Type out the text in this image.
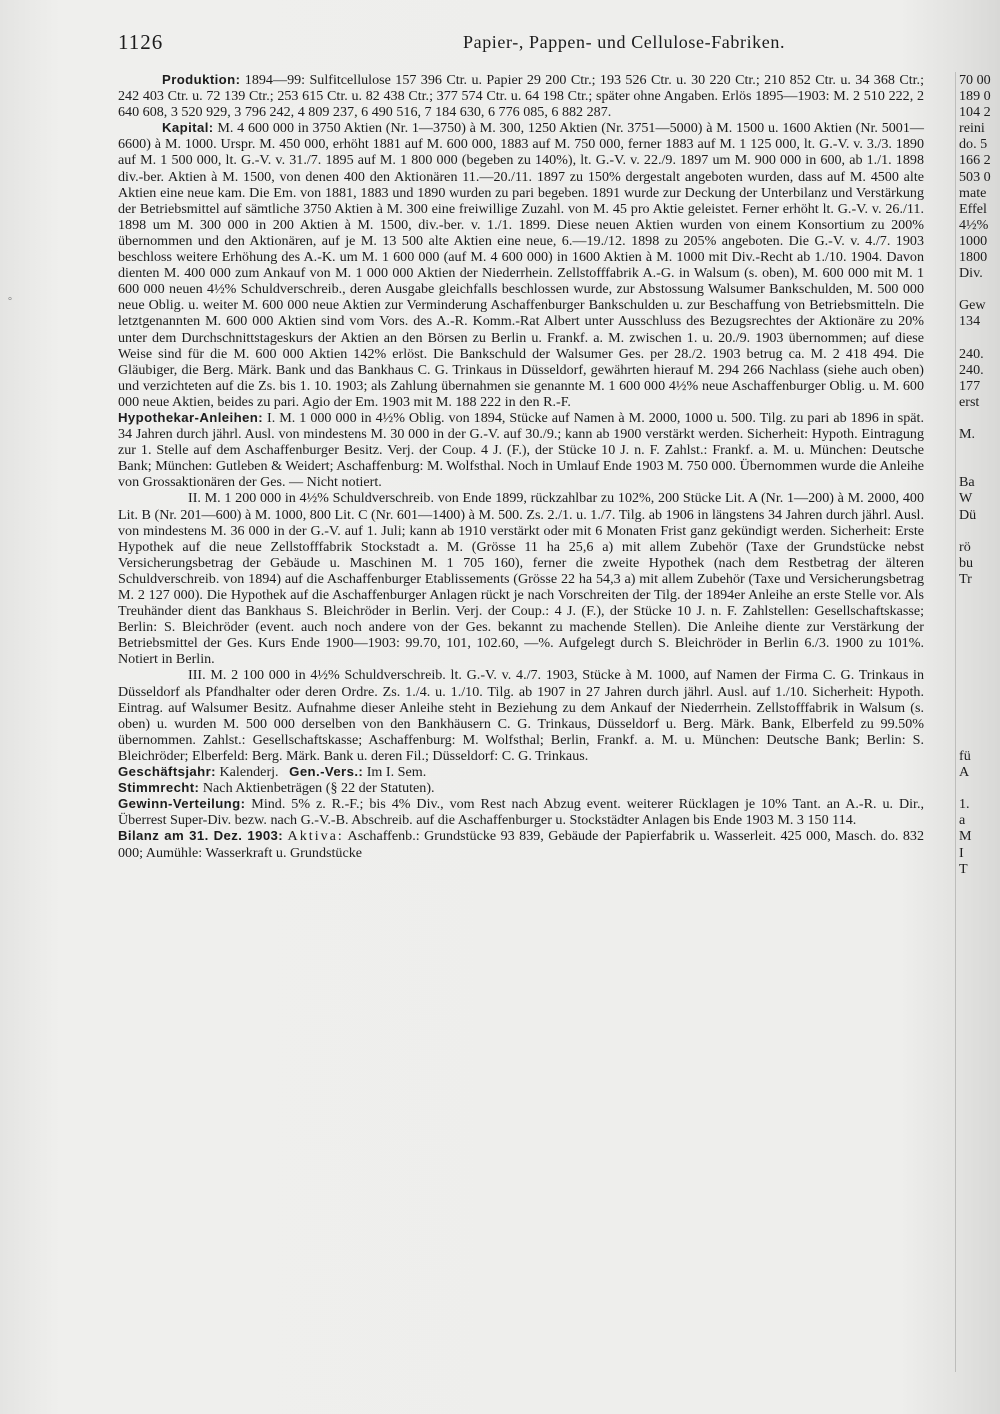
1126	Papier-, Pappen- und Cellulose-Fabriken.
°

Produktion: 1894—99: Sulfitcellulose 157 396 Ctr. u. Papier 29 200 Ctr.; 193 526 Ctr. u. 30 220 Ctr.; 210 852 Ctr. u. 34 368 Ctr.; 242 403 Ctr. u. 72 139 Ctr.; 253 615 Ctr. u. 82 438 Ctr.; 377 574 Ctr. u. 64 198 Ctr.; später ohne Angaben. Erlös 1895—1903: M. 2 510 222, 2 640 608, 3 520 929, 3 796 242, 4 809 237, 6 490 516, 7 184 630, 6 776 085, 6 882 287.

Kapital: M. 4 600 000 in 3750 Aktien (Nr. 1—3750) à M. 300, 1250 Aktien (Nr. 3751—5000) à M. 1500 u. 1600 Aktien (Nr. 5001—6600) à M. 1000. Urspr. M. 450 000, erhöht 1881 auf M. 600 000, 1883 auf M. 750 000, ferner 1883 auf M. 1 125 000, lt. G.-V. v. 3./3. 1890 auf M. 1 500 000, lt. G.-V. v. 31./7. 1895 auf M. 1 800 000 (begeben zu 140%), lt. G.-V. v. 22./9. 1897 um M. 900 000 in 600, ab 1./1. 1898 div.-ber. Aktien à M. 1500, von denen 400 den Aktionären 11.—20./11. 1897 zu 150% dergestalt angeboten wurden, dass auf M. 4500 alte Aktien eine neue kam. Die Em. von 1881, 1883 und 1890 wurden zu pari begeben. 1891 wurde zur Deckung der Unterbilanz und Verstärkung der Betriebsmittel auf sämtliche 3750 Aktien à M. 300 eine freiwillige Zuzahl. von M. 45 pro Aktie geleistet. Ferner erhöht lt. G.-V. v. 26./11. 1898 um M. 300 000 in 200 Aktien à M. 1500, div.-ber. v. 1./1. 1899. Diese neuen Aktien wurden von einem Konsortium zu 200% übernommen und den Aktionären, auf je M. 13 500 alte Aktien eine neue, 6.—19./12. 1898 zu 205% angeboten. Die G.-V. v. 4./7. 1903 beschloss weitere Erhöhung des A.-K. um M. 1 600 000 (auf M. 4 600 000) in 1600 Aktien à M. 1000 mit Div.-Recht ab 1./10. 1904. Davon dienten M. 400 000 zum Ankauf von M. 1 000 000 Aktien der Niederrhein. Zellstofffabrik A.-G. in Walsum (s. oben), M. 600 000 mit M. 1 600 000 neuen 4½% Schuldverschreib., deren Ausgabe gleichfalls beschlossen wurde, zur Abstossung Walsumer Bankschulden, M. 500 000 neue Oblig. u. weiter M. 600 000 neue Aktien zur Verminderung Aschaffenburger Bankschulden u. zur Beschaffung von Betriebsmitteln. Die letztgenannten M. 600 000 Aktien sind vom Vors. des A.-R. Komm.-Rat Albert unter Ausschluss des Bezugsrechtes der Aktionäre zu 20% unter dem Durchschnittstageskurs der Aktien an den Börsen zu Berlin u. Frankf. a. M. zwischen 1. u. 20./9. 1903 übernommen; auf diese Weise sind für die M. 600 000 Aktien 142% erlöst. Die Bankschuld der Walsumer Ges. per 28./2. 1903 betrug ca. M. 2 418 494. Die Gläubiger, die Berg. Märk. Bank und das Bankhaus C. G. Trinkaus in Düsseldorf, gewährten hierauf M. 294 266 Nachlass (siehe auch oben) und verzichteten auf die Zs. bis 1. 10. 1903; als Zahlung übernahmen sie genannte M. 1 600 000 4½% neue Aschaffenburger Oblig. u. M. 600 000 neue Aktien, beides zu pari. Agio der Em. 1903 mit M. 188 222 in den R.-F.

Hypothekar-Anleihen: I. M. 1 000 000 in 4½% Oblig. von 1894, Stücke auf Namen à M. 2000, 1000 u. 500. Tilg. zu pari ab 1896 in spät. 34 Jahren durch jährl. Ausl. von mindestens M. 30 000 in der G.-V. auf 30./9.; kann ab 1900 verstärkt werden. Sicherheit: Hypoth. Eintragung zur 1. Stelle auf dem Aschaffenburger Besitz. Verj. der Coup. 4 J. (F.), der Stücke 10 J. n. F. Zahlst.: Frankf. a. M. u. München: Deutsche Bank; München: Gutleben & Weidert; Aschaffenburg: M. Wolfsthal. Noch in Umlauf Ende 1903 M. 750 000. Übernommen wurde die Anleihe von Grossaktionären der Ges. — Nicht notiert.

II. M. 1 200 000 in 4½% Schuldverschreib. von Ende 1899, rückzahlbar zu 102%, 200 Stücke Lit. A (Nr. 1—200) à M. 2000, 400 Lit. B (Nr. 201—600) à M. 1000, 800 Lit. C (Nr. 601—1400) à M. 500. Zs. 2./1. u. 1./7. Tilg. ab 1906 in längstens 34 Jahren durch jährl. Ausl. von mindestens M. 36 000 in der G.-V. auf 1. Juli; kann ab 1910 verstärkt oder mit 6 Monaten Frist ganz gekündigt werden. Sicherheit: Erste Hypothek auf die neue Zellstofffabrik Stockstadt a. M. (Grösse 11 ha 25,6 a) mit allem Zubehör (Taxe der Grundstücke nebst Versicherungsbetrag der Gebäude u. Maschinen M. 1 705 160), ferner die zweite Hypothek (nach dem Restbetrag der älteren Schuldverschreib. von 1894) auf die Aschaffenburger Etablissements (Grösse 22 ha 54,3 a) mit allem Zubehör (Taxe und Versicherungsbetrag M. 2 127 000). Die Hypothek auf die Aschaffenburger Anlagen rückt je nach Vorschreiten der Tilg. der 1894er Anleihe an erste Stelle vor. Als Treuhänder dient das Bankhaus S. Bleichröder in Berlin. Verj. der Coup.: 4 J. (F.), der Stücke 10 J. n. F. Zahlstellen: Gesellschaftskasse; Berlin: S. Bleichröder (event. auch noch andere von der Ges. bekannt zu machende Stellen). Die Anleihe diente zur Verstärkung der Betriebsmittel der Ges. Kurs Ende 1900—1903: 99.70, 101, 102.60, —%. Aufgelegt durch S. Bleichröder in Berlin 6./3. 1900 zu 101%. Notiert in Berlin.

III. M. 2 100 000 in 4½% Schuldverschreib. lt. G.-V. v. 4./7. 1903, Stücke à M. 1000, auf Namen der Firma C. G. Trinkaus in Düsseldorf als Pfandhalter oder deren Ordre. Zs. 1./4. u. 1./10. Tilg. ab 1907 in 27 Jahren durch jährl. Ausl. auf 1./10. Sicherheit: Hypoth. Eintrag. auf Walsumer Besitz. Aufnahme dieser Anleihe steht in Beziehung zu dem Ankauf der Niederrhein. Zellstofffabrik in Walsum (s. oben) u. wurden M. 500 000 derselben von den Bankhäusern C. G. Trinkaus, Düsseldorf u. Berg. Märk. Bank, Elberfeld zu 99.50% übernommen. Zahlst.: Gesellschaftskasse; Aschaffenburg: M. Wolfsthal; Berlin, Frankf. a. M. u. München: Deutsche Bank; Berlin: S. Bleichröder; Elberfeld: Berg. Märk. Bank u. deren Fil.; Düsseldorf: C. G. Trinkaus.

Geschäftsjahr: Kalenderj. Gen.-Vers.: Im I. Sem.

Stimmrecht: Nach Aktienbeträgen (§ 22 der Statuten).

Gewinn-Verteilung: Mind. 5% z. R.-F.; bis 4% Div., vom Rest nach Abzug event. weiterer Rücklagen je 10% Tant. an A.-R. u. Dir., Überrest Super-Div. bezw. nach G.-V.-B. Abschreib. auf die Aschaffenburger u. Stockstädter Anlagen bis Ende 1903 M. 3 150 114.

Bilanz am 31. Dez. 1903: Aktiva: Aschaffenb.: Grundstücke 93 839, Gebäude der Papierfabrik u. Wasserleit. 425 000, Masch. do. 832 000; Aumühle: Wasserkraft u. Grundstücke

70 00
189 0
104 2
reini
do. 5
166 2
503 0
mate
Effel
4½%
1000
1800
Div.
Gew
134
240.
240.
177
erst
M.
Ba
W
Dü
rö
bu
Tr
fü
A
1.
a
M
I
T
